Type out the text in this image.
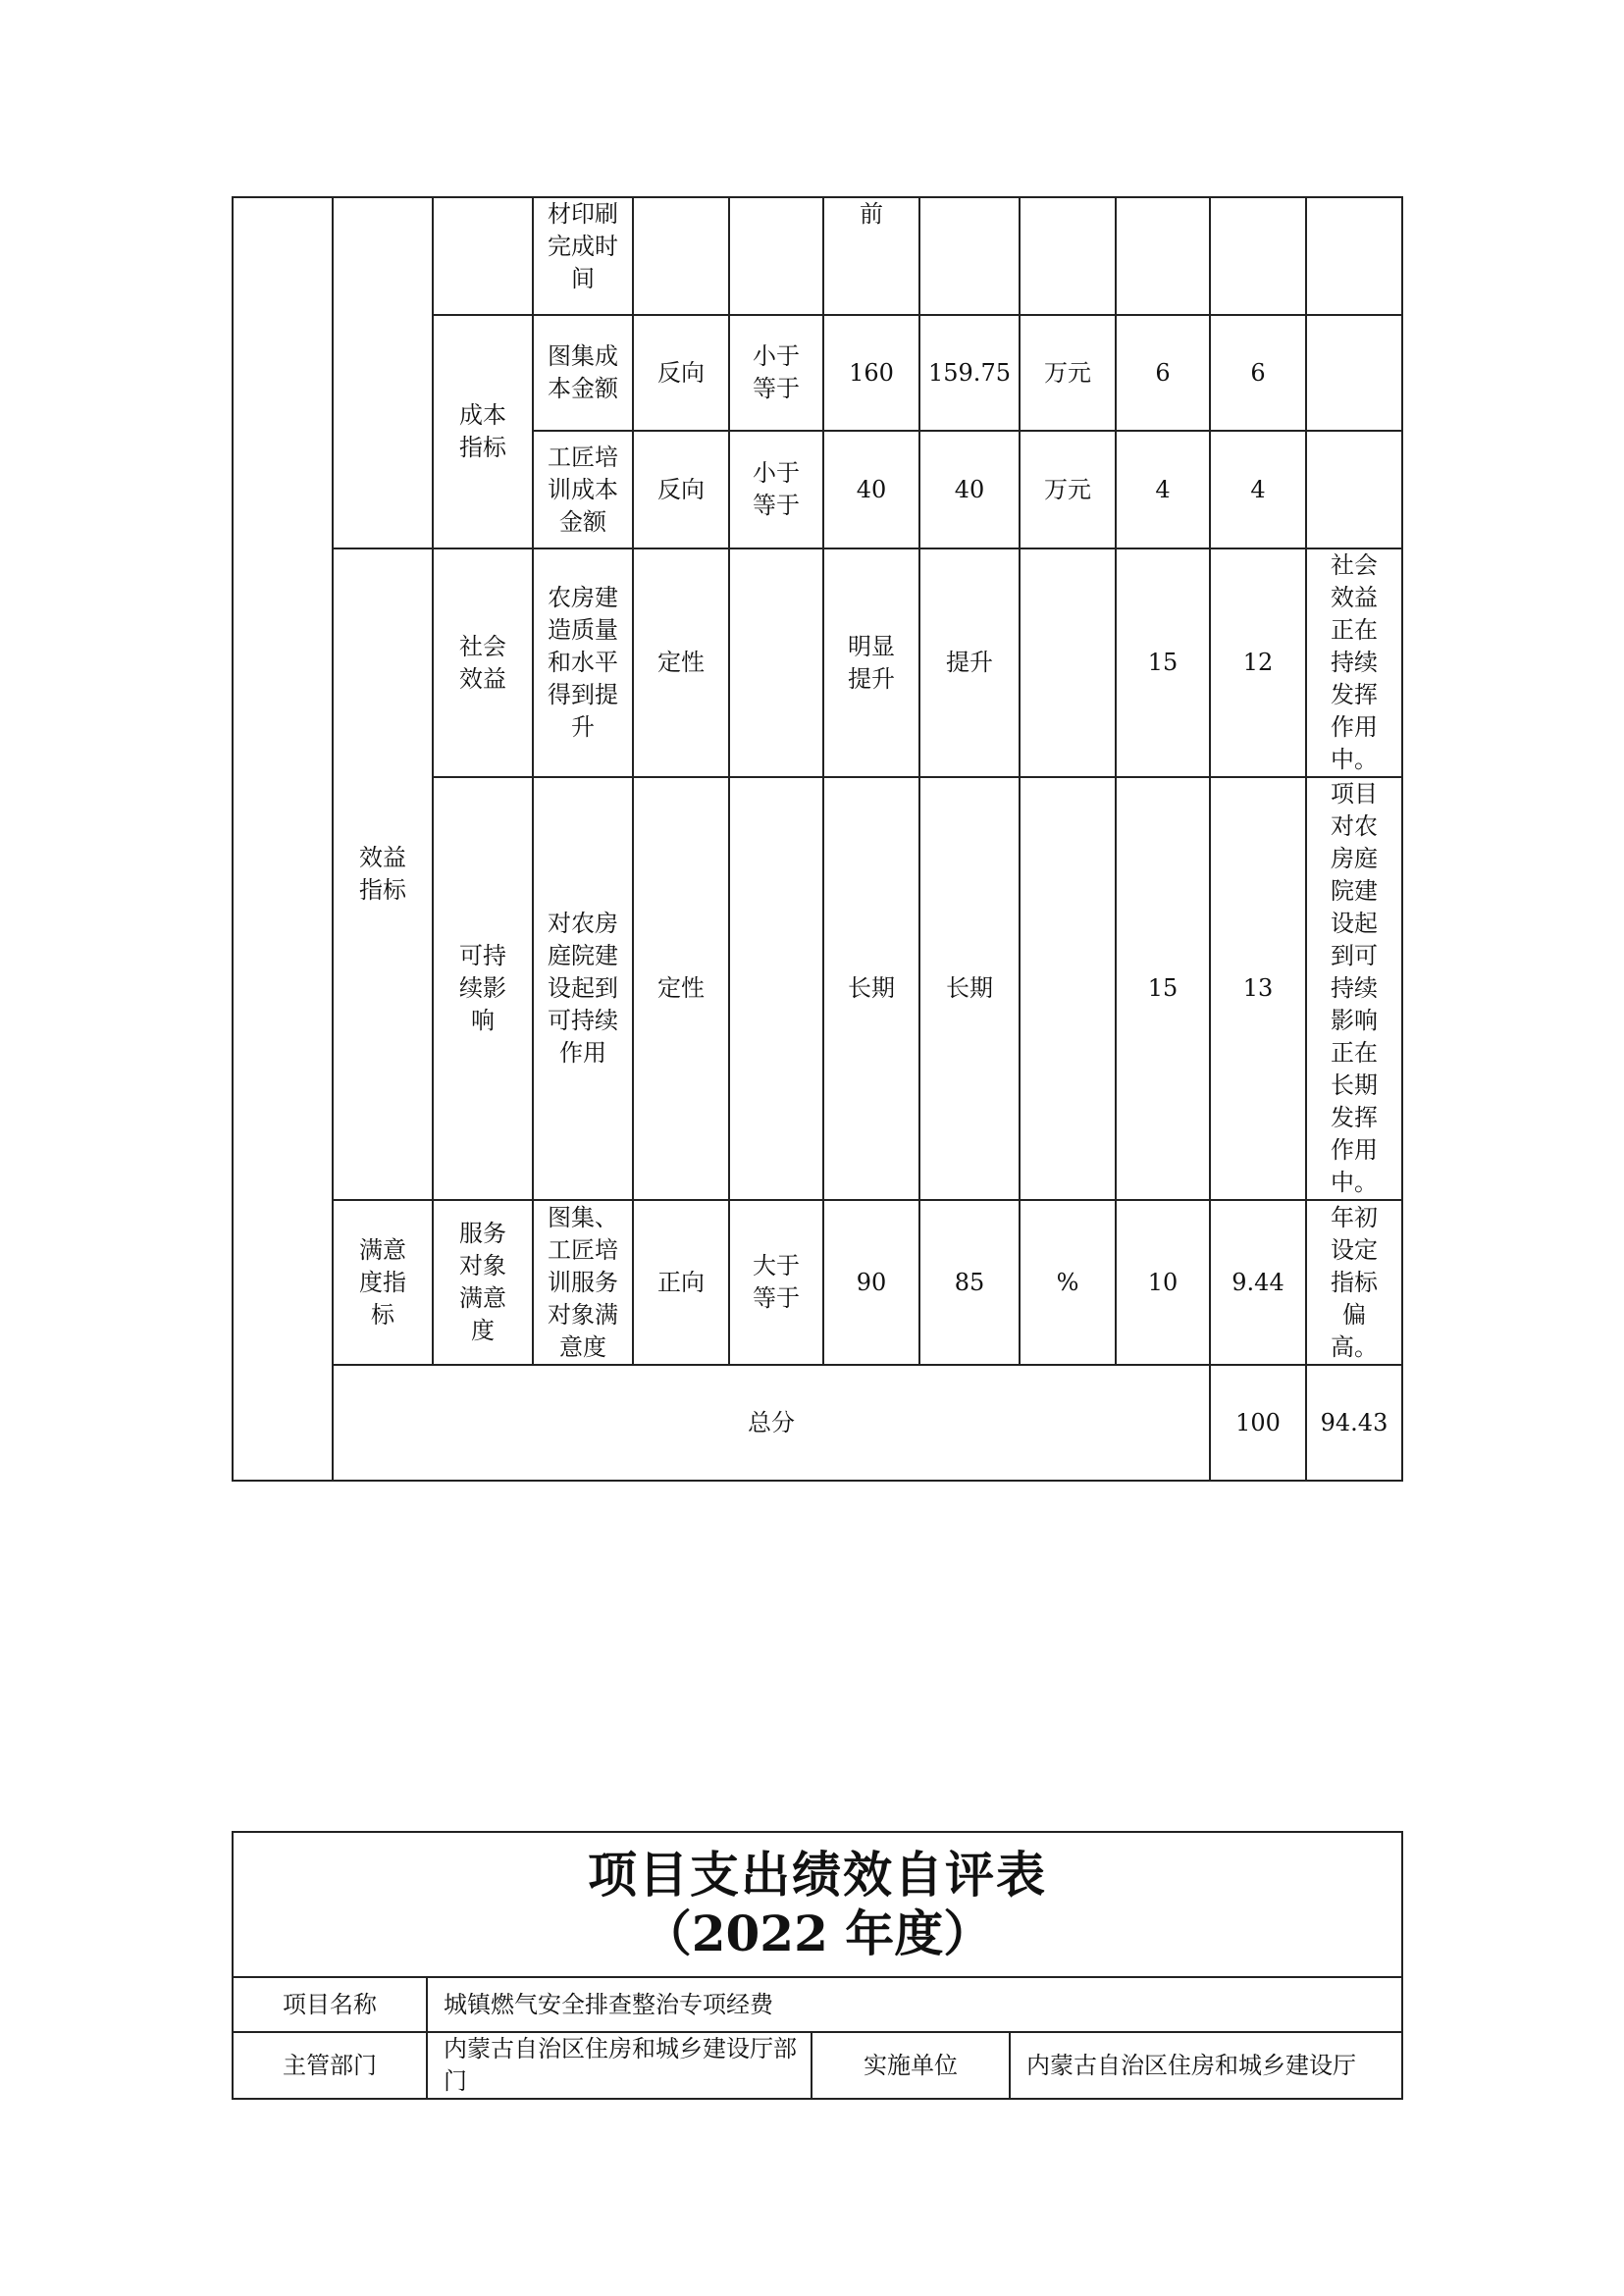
			材印刷完成时间			前						
		成本指标	图集成本金额	反向	小于等于	160	159.75	万元	6	6		
			工匠培训成本金额	反向	小于等于	40	40	万元	4	4		
	效益指标	社会效益	农房建造质量和水平得到提升	定性		明显提升	提升		15	12	社会效益正在持续发挥作用中。	
		可持续影响	对农房庭院建设起到可持续作用	定性		长期	长期		15	13	项目对农房庭院建设起到可持续影响正在长期发挥作用中。	
	满意度指标	服务对象满意度	图集、工匠培训服务对象满意度	正向	大于等于	90	85	%	10	9.44	年初设定指标偏高。	
	总分									100	94.43	
项目支出绩效自评表
（2022 年度）			

项目名称	城镇燃气安全排查整治专项经费		
主管部门	内蒙古自治区住房和城乡建设厅部门	实施单位	内蒙古自治区住房和城乡建设厅
